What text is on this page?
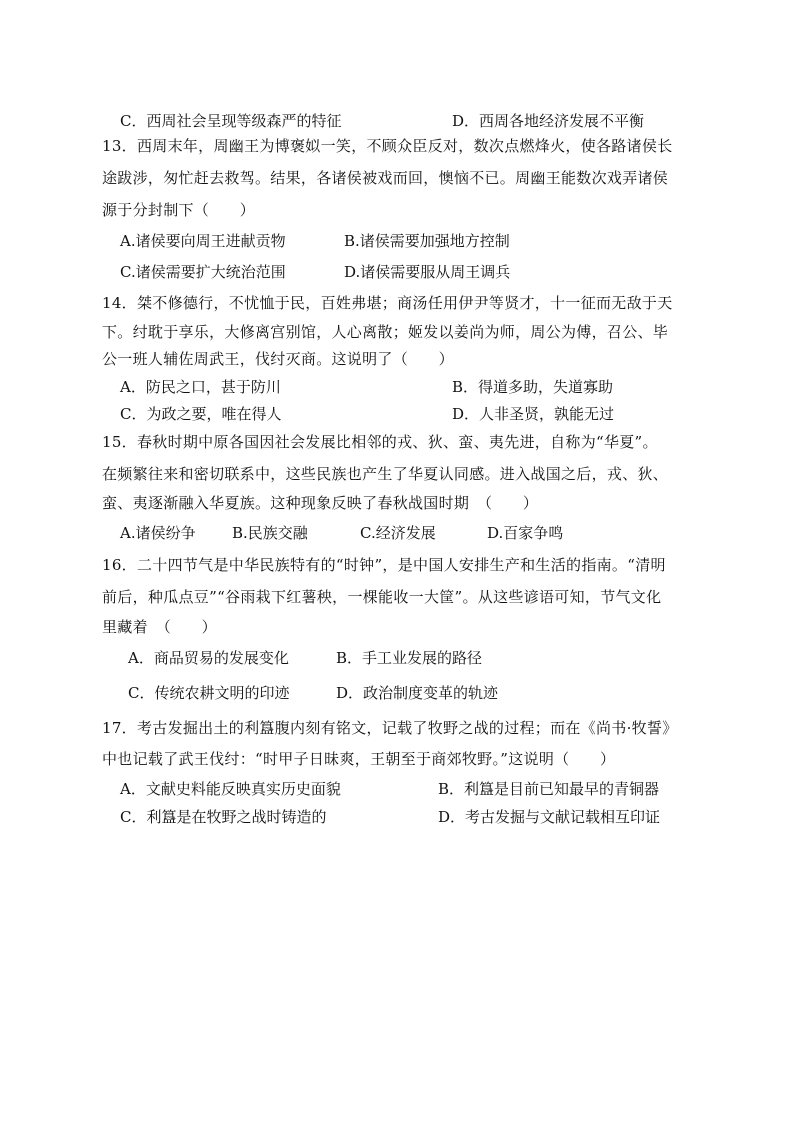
C．西周社会呈现等级森严的特征	D．西周各地经济发展不平衡
13．西周末年，周幽王为博褒姒一笑，不顾众臣反对，数次点燃烽火，使各路诸侯长
途跋涉，匆忙赶去救驾。结果，各诸侯被戏而回，懊恼不已。周幽王能数次戏弄诸侯
源于分封制下（　　）
A.诸侯要向周王进献贡物	B.诸侯需要加强地方控制
C.诸侯需要扩大统治范围	D.诸侯需要服从周王调兵
14．桀不修德行，不忧恤于民，百姓弗堪；商汤任用伊尹等贤才，十一征而无敌于天
下。纣耽于享乐，大修离宫别馆，人心离散；姬发以姜尚为师，周公为傅，召公、毕
公一班人辅佐周武王，伐纣灭商。这说明了（　　）
A．防民之口，甚于防川	B．得道多助，失道寡助
C．为政之要，唯在得人	D．人非圣贤，孰能无过
15．春秋时期中原各国因社会发展比相邻的戎、狄、蛮、夷先进，自称为“华夏”。
在频繁往来和密切联系中，这些民族也产生了华夏认同感。进入战国之后，戎、狄、
蛮、夷逐渐融入华夏族。这种现象反映了春秋战国时期　（　　）
A.诸侯纷争 B.民族交融	C.经济发展	D.百家争鸣
16．二十四节气是中华民族特有的“时钟”，是中国人安排生产和生活的指南。“清明
前后，种瓜点豆”“谷雨栽下红薯秧，一棵能收一大筐”。从这些谚语可知，节气文化
里藏着　（　　）
A．商品贸易的发展变化	B．手工业发展的路径
C．传统农耕文明的印迹	D．政治制度变革的轨迹
17．考古发掘出土的利簋腹内刻有铭文，记载了牧野之战的过程；而在《尚书·牧誓》
中也记载了武王伐纣：“时甲子日昧爽，王朝至于商郊牧野。”这说明（　　）
A．文献史料能反映真实历史面貌	B．利簋是目前已知最早的青铜器
C．利簋是在牧野之战时铸造的	D．考古发掘与文献记载相互印证
